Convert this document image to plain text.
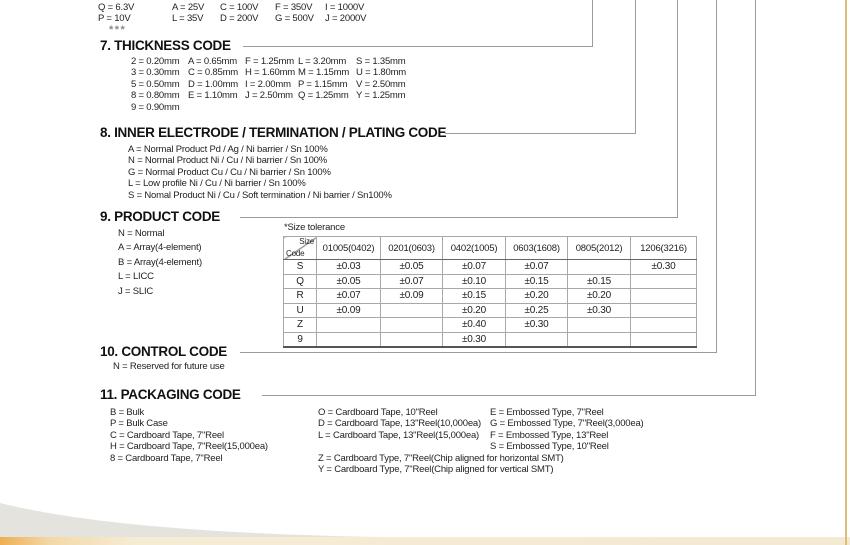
Q = 6.3V	A = 25V C = 100V F = 350V I = 1000V
P = 10V	L = 35V D = 200V G = 500V J = 2000V
***
7. THICKNESS CODE
2 = 0.20mm A = 0.65mm F = 1.25mm L = 3.20mm S = 1.35mm
3 = 0.30mm C = 0.85mm H = 1.60mm M = 1.15mm U = 1.80mm
5 = 0.50mm D = 1.00mm I = 2.00mm P = 1.15mm V = 2.50mm
8 = 0.80mm E = 1.10mm J = 2.50mm Q = 1.25mm Y = 1.25mm
9 = 0.90mm
8. INNER ELECTRODE / TERMINATION / PLATING CODE
A = Normal Product Pd / Ag / Ni barrier / Sn 100%
N = Normal Product Ni / Cu / Ni barrier / Sn 100%
G = Normal Product Cu / Cu / Ni barrier / Sn 100%
L = Low profile Ni / Cu / Ni barrier / Sn 100%
S = Nomal Product Ni / Cu / Soft termination / Ni barrier / Sn100%
9. PRODUCT CODE
N = Normal
A = Array(4-element)
B = Array(4-element)
L = LICC
J = SLIC
*Size tolerance
Size
Code	01005(0402)	0201(0603)	0402(1005)	0603(1608)	0805(2012)	1206(3216)
S	±0.03	±0.05	±0.07	±0.07		±0.30
Q	±0.05	±0.07	±0.10	±0.15	±0.15	
R	±0.07	±0.09	±0.15	±0.20	±0.20	
U	±0.09		±0.20	±0.25	±0.30	
Z			±0.40	±0.30		
9			±0.30			
10. CONTROL CODE
N = Reserved for future use
11. PACKAGING CODE
B = Bulk
P = Bulk Case
C = Cardboard Tape, 7"Reel
H = Cardboard Tape, 7"Reel(15,000ea)
8 = Cardboard Tape, 7"Reel
O = Cardboard Tape, 10"Reel
D = Cardboard Tape, 13"Reel(10,000ea)
L = Cardboard Tape, 13"Reel(15,000ea)
Z = Cardboard Type, 7"Reel(Chip aligned for horizontal SMT)
Y = Cardboard Type, 7"Reel(Chip aligned for vertical SMT)
E = Embossed Type, 7"Reel
G = Embossed Type, 7"Reel(3,000ea)
F = Embossed Type, 13"Reel
S = Embossed Type, 10"Reel
